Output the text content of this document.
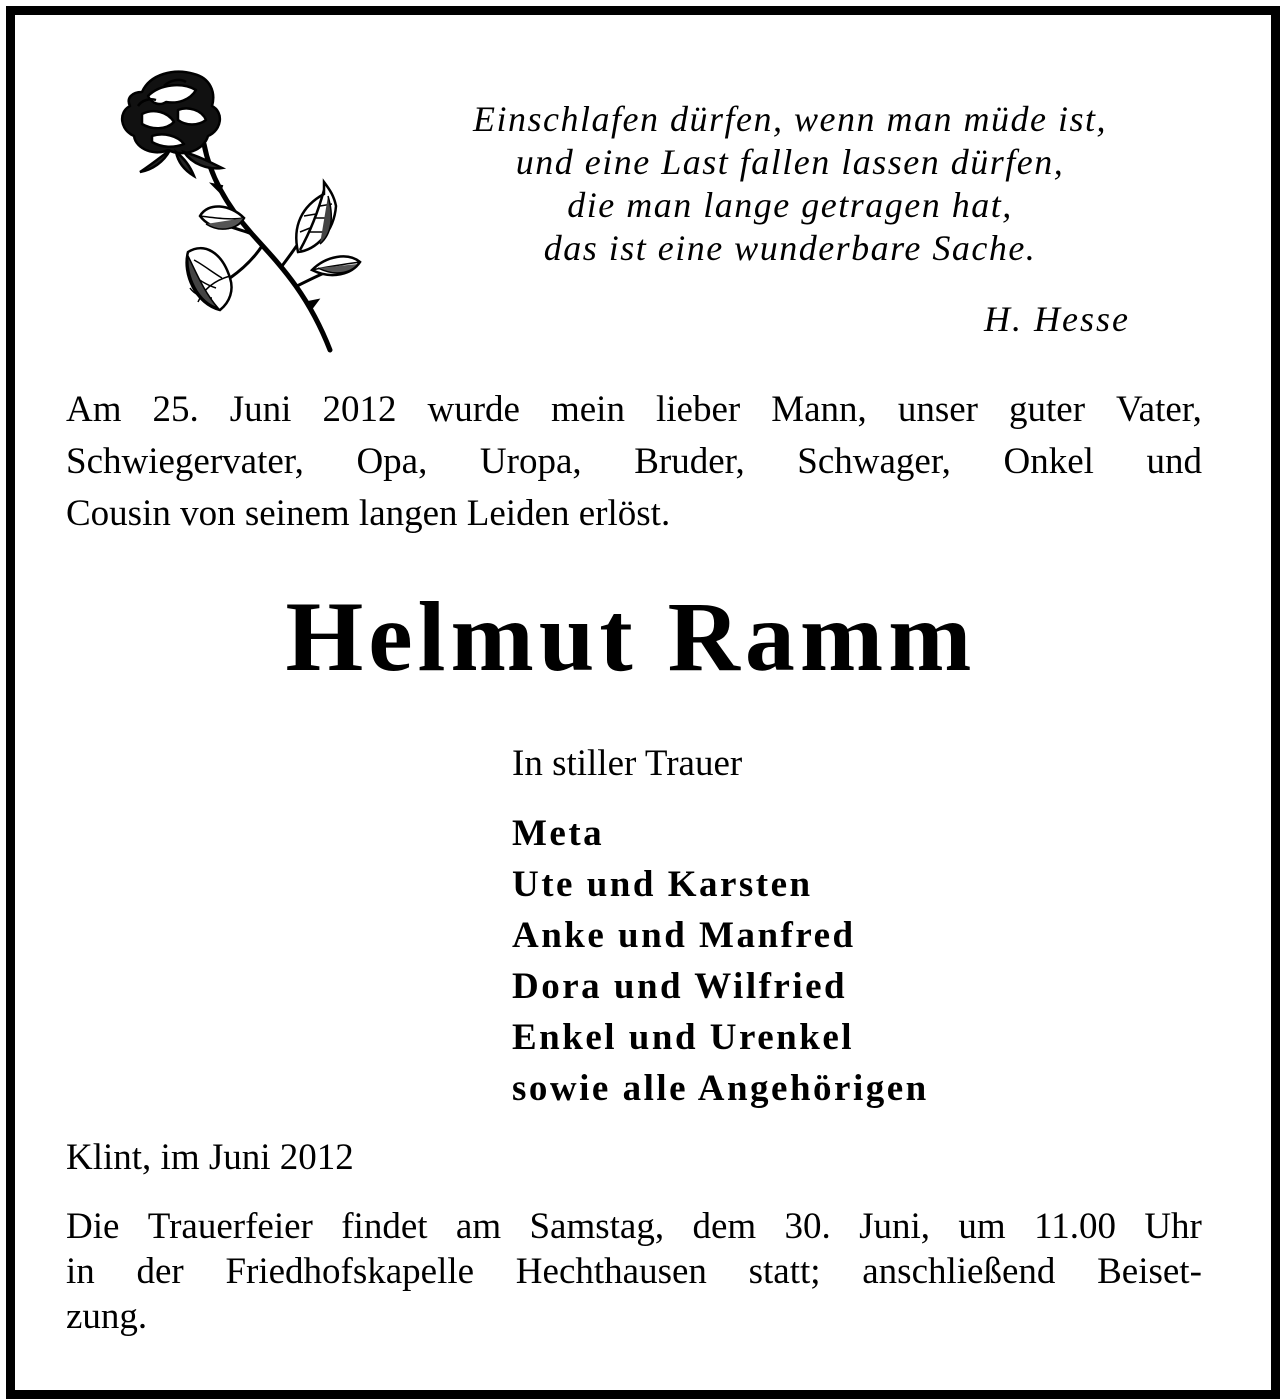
Einschlafen dürfen, wenn man müde ist,
und eine Last fallen lassen dürfen,
die man lange getragen hat,
das ist eine wunderbare Sache.
H. Hesse
Am 25. Juni 2012 wurde mein lieber Mann, unser guter Vater,
Schwiegervater, Opa, Uropa, Bruder, Schwager, Onkel und
Cousin von seinem langen Leiden erlöst.
Helmut Ramm
In stiller Trauer
Meta
Ute und Karsten
Anke und Manfred
Dora und Wilfried
Enkel und Urenkel
sowie alle Angehörigen
Klint, im Juni 2012
Die Trauerfeier findet am Samstag, dem 30. Juni, um 11.00 Uhr
in der Friedhofskapelle Hechthausen statt; anschließend Beiset-
zung.
